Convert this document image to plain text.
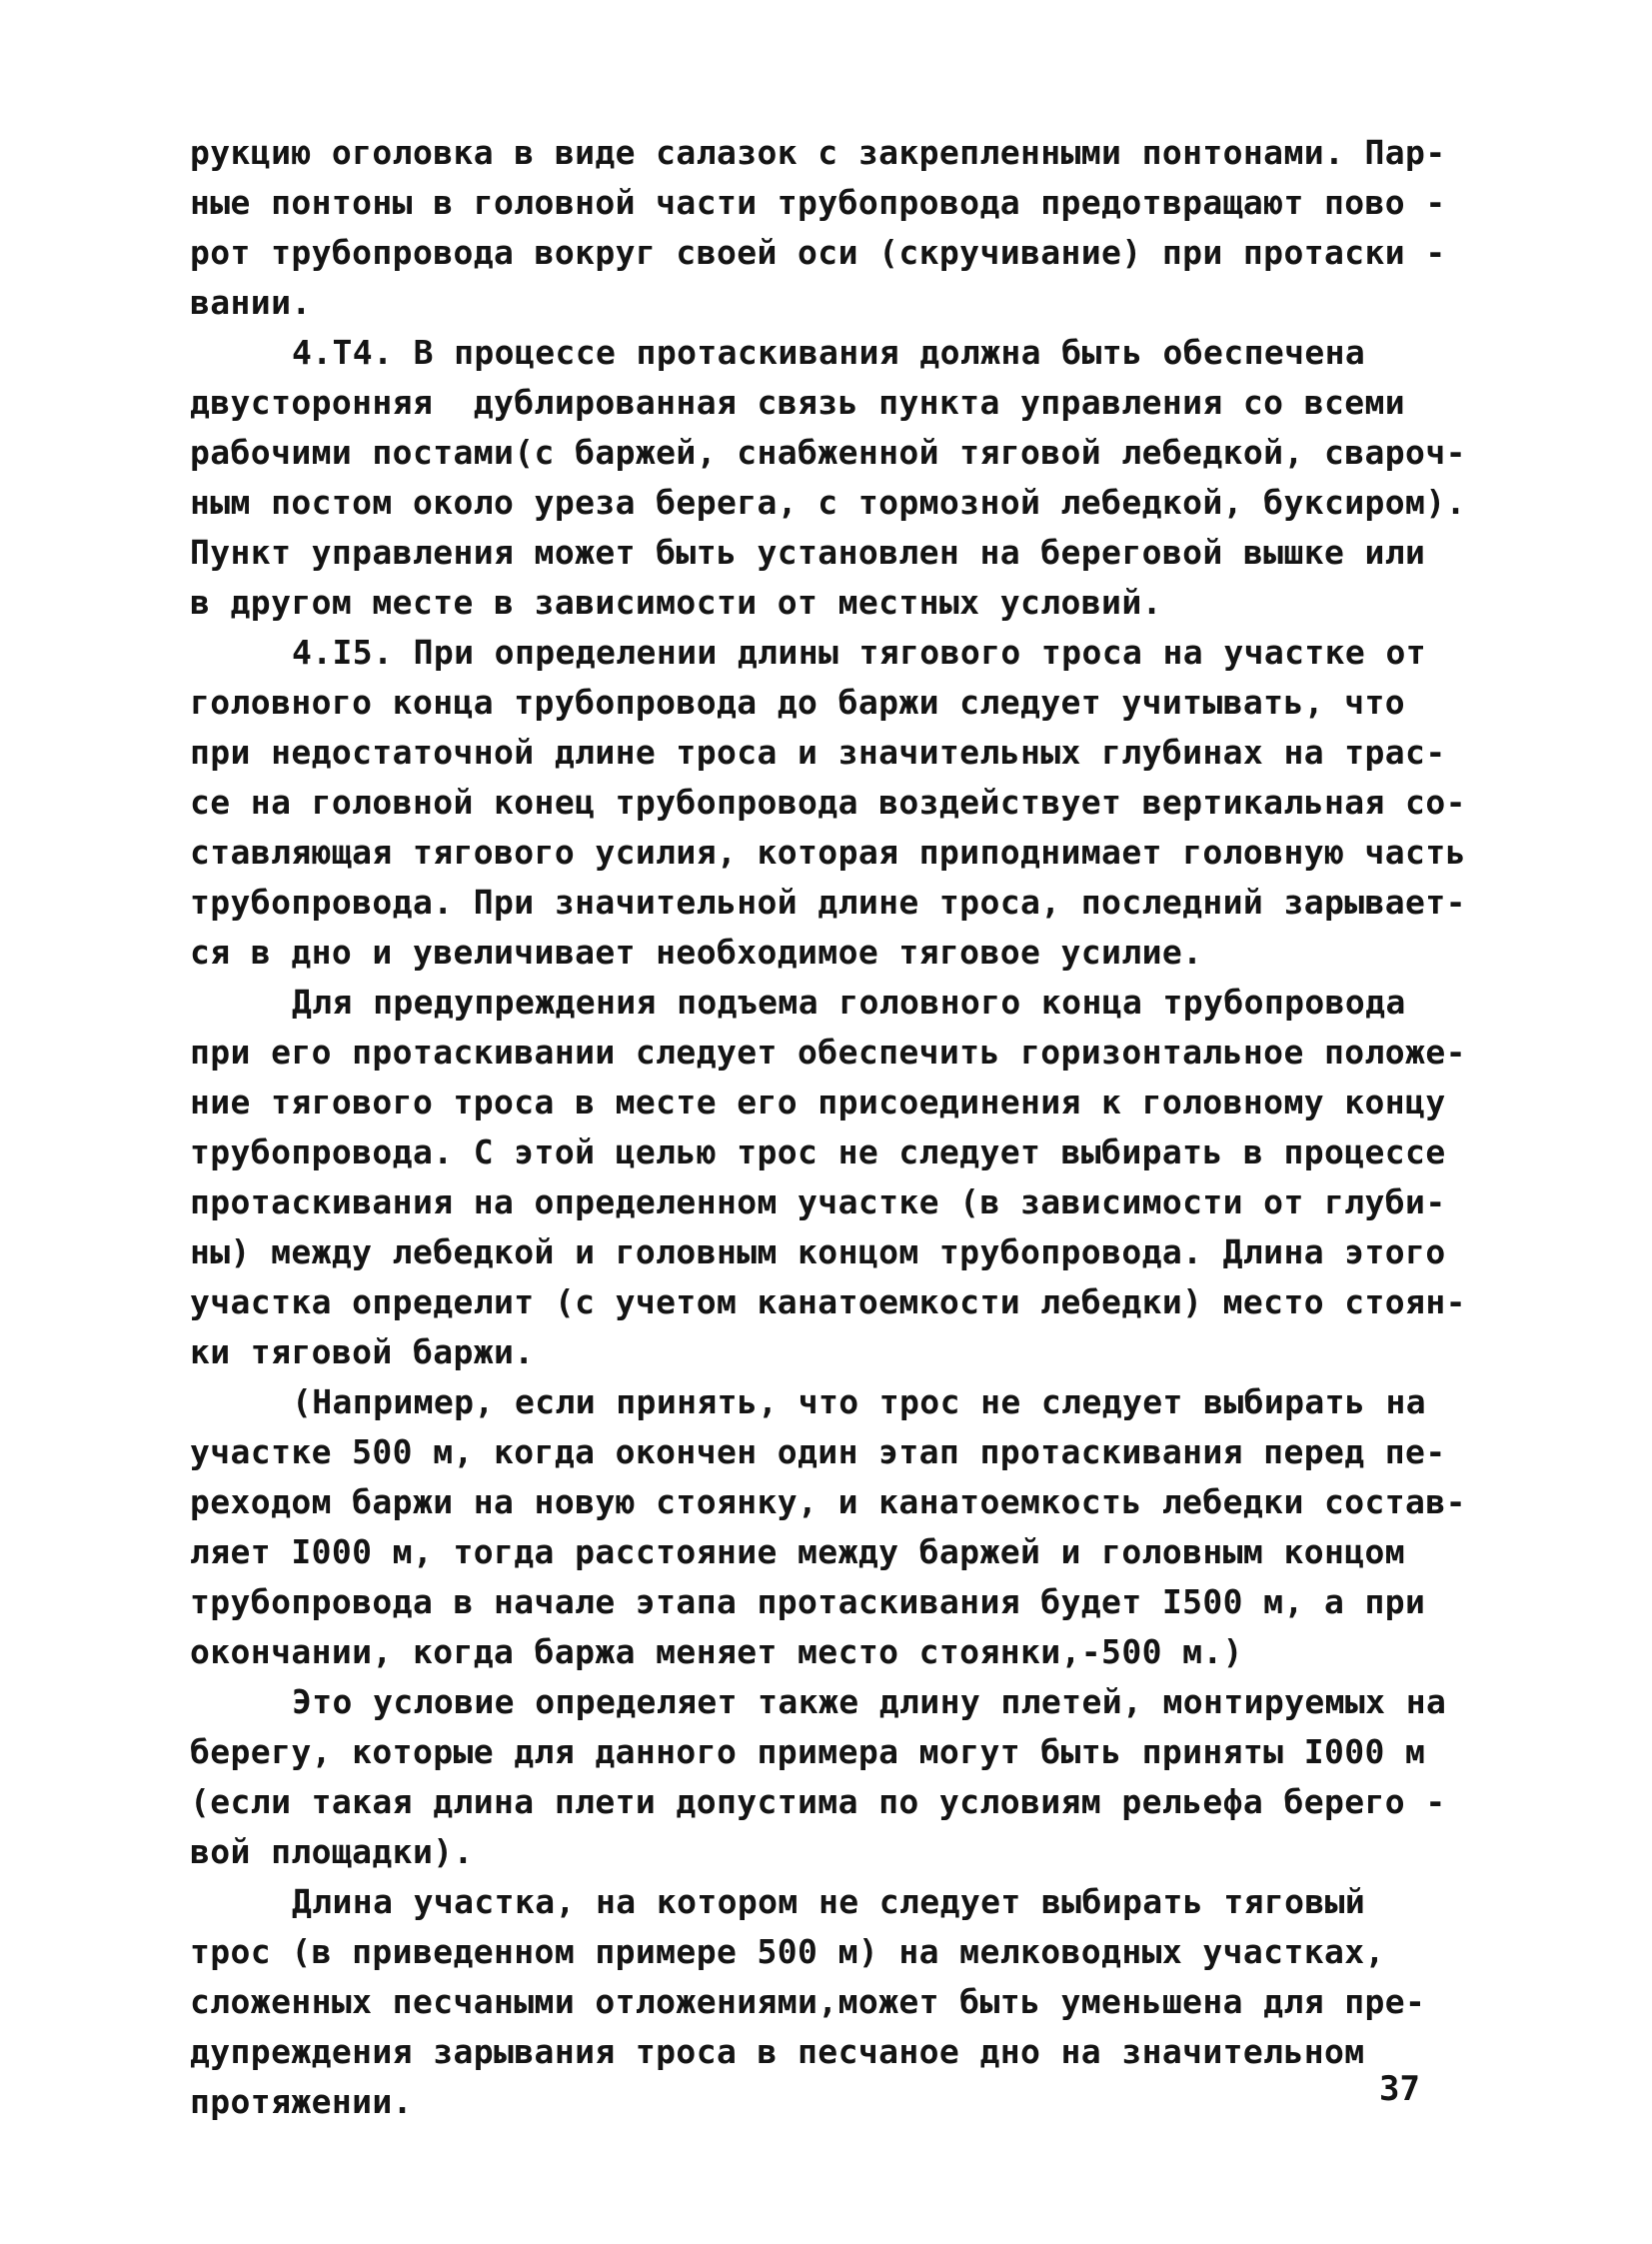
рукцию оголовка в виде салазок с закрепленными понтонами. Пар-
ные понтоны в головной части трубопровода предотвращают пово -
рот трубопровода вокруг своей оси (скручивание) при протаски -
вании.
4.Т4. В процессе протаскивания должна быть обеспечена
двусторонняя  дублированная связь пункта управления со всеми
рабочими постами(с баржей, снабженной тяговой лебедкой, свароч-
ным постом около уреза берега, с тормозной лебедкой, буксиром).
Пункт управления может быть установлен на береговой вышке или
в другом месте в зависимости от местных условий.
4.I5. При определении длины тягового троса на участке от
головного конца трубопровода до баржи следует учитывать, что
при недостаточной длине троса и значительных глубинах на трас-
се на головной конец трубопровода воздействует вертикальная со-
ставляющая тягового усилия, которая приподнимает головную часть
трубопровода. При значительной длине троса, последний зарывает-
ся в дно и увеличивает необходимое тяговое усилие.
Для предупреждения подъема головного конца трубопровода
при его протаскивании следует обеспечить горизонтальное положе-
ние тягового троса в месте его присоединения к головному концу
трубопровода. С этой целью трос не следует выбирать в процессе
протаскивания на определенном участке (в зависимости от глуби-
ны) между лебедкой и головным концом трубопровода. Длина этого
участка определит (с учетом канатоемкости лебедки) место стоян-
ки тяговой баржи.
(Например, если принять, что трос не следует выбирать на
участке 500 м, когда окончен один этап протаскивания перед пе-
реходом баржи на новую стоянку, и канатоемкость лебедки состав-
ляет I000 м, тогда расстояние между баржей и головным концом
трубопровода в начале этапа протаскивания будет I500 м, а при
окончании, когда баржа меняет место стоянки,-500 м.)
Это условие определяет также длину плетей, монтируемых на
берегу, которые для данного примера могут быть приняты I000 м
(если такая длина плети допустима по условиям рельефа берего -
вой площадки).
Длина участка, на котором не следует выбирать тяговый
трос (в приведенном примере 500 м) на мелководных участках,
сложенных песчаными отложениями,может быть уменьшена для пре-
дупреждения зарывания троса в песчаное дно на значительном
протяжении.	37
